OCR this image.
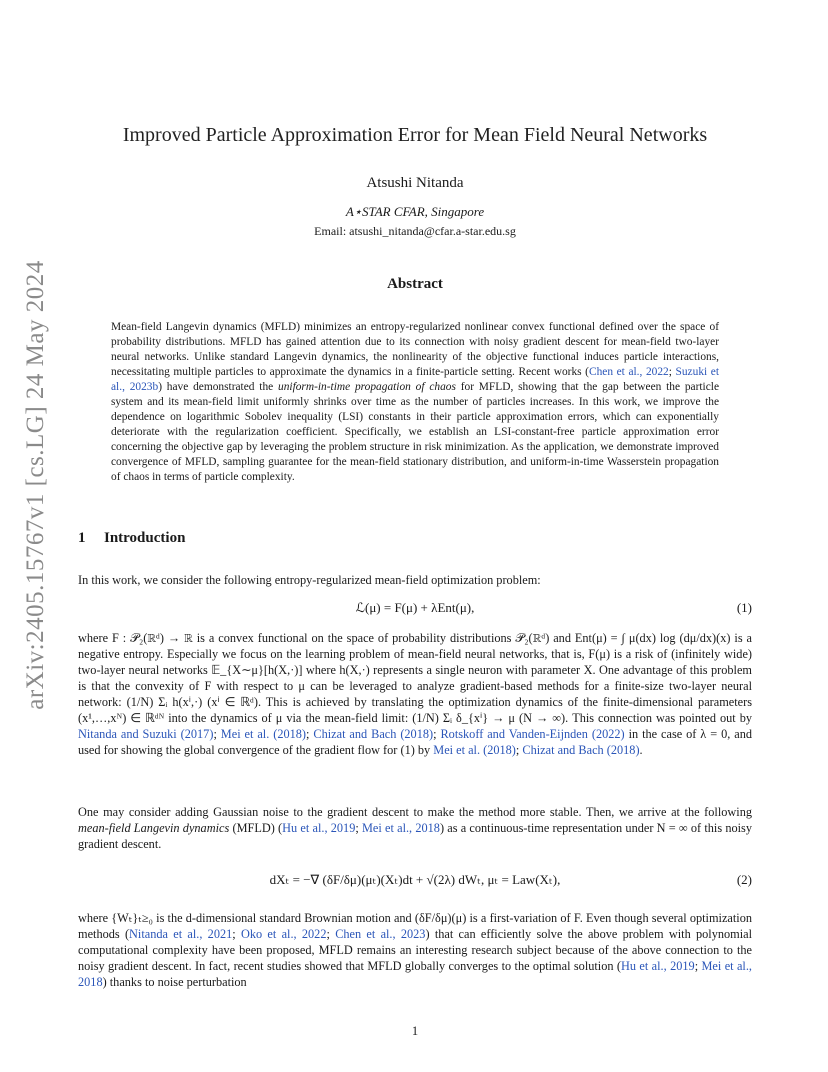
arXiv:2405.15767v1 [cs.LG] 24 May 2024
Improved Particle Approximation Error for Mean Field Neural Networks
Atsushi Nitanda
A⋆STAR CFAR, Singapore
Email: atsushi_nitanda@cfar.a-star.edu.sg
Abstract
Mean-field Langevin dynamics (MFLD) minimizes an entropy-regularized nonlinear convex functional defined over the space of probability distributions. MFLD has gained attention due to its connection with noisy gradient descent for mean-field two-layer neural networks. Unlike standard Langevin dynamics, the nonlinearity of the objective functional induces particle interactions, necessitating multiple particles to approximate the dynamics in a finite-particle setting. Recent works (Chen et al., 2022; Suzuki et al., 2023b) have demonstrated the uniform-in-time propagation of chaos for MFLD, showing that the gap between the particle system and its mean-field limit uniformly shrinks over time as the number of particles increases. In this work, we improve the dependence on logarithmic Sobolev inequality (LSI) constants in their particle approximation errors, which can exponentially deteriorate with the regularization coefficient. Specifically, we establish an LSI-constant-free particle approximation error concerning the objective gap by leveraging the problem structure in risk minimization. As the application, we demonstrate improved convergence of MFLD, sampling guarantee for the mean-field stationary distribution, and uniform-in-time Wasserstein propagation of chaos in terms of particle complexity.
1 Introduction
In this work, we consider the following entropy-regularized mean-field optimization problem:
ℒ(μ) = F(μ) + λEnt(μ),	(1)
where F : 𝒫₂(ℝᵈ) → ℝ is a convex functional on the space of probability distributions 𝒫₂(ℝᵈ) and Ent(μ) = ∫ μ(dx) log (dμ/dx)(x) is a negative entropy. Especially we focus on the learning problem of mean-field neural networks, that is, F(μ) is a risk of (infinitely wide) two-layer neural networks 𝔼_{X∼μ}[h(X,·)] where h(X,·) represents a single neuron with parameter X. One advantage of this problem is that the convexity of F with respect to μ can be leveraged to analyze gradient-based methods for a finite-size two-layer neural network: (1/N) Σᵢ h(xⁱ,·) (xⁱ ∈ ℝᵈ). This is achieved by translating the optimization dynamics of the finite-dimensional parameters (x¹,…,xᴺ) ∈ ℝᵈᴺ into the dynamics of μ via the mean-field limit: (1/N) Σᵢ δ_{xⁱ} → μ (N → ∞). This connection was pointed out by Nitanda and Suzuki (2017); Mei et al. (2018); Chizat and Bach (2018); Rotskoff and Vanden-Eijnden (2022) in the case of λ = 0, and used for showing the global convergence of the gradient flow for (1) by Mei et al. (2018); Chizat and Bach (2018).
One may consider adding Gaussian noise to the gradient descent to make the method more stable. Then, we arrive at the following mean-field Langevin dynamics (MFLD) (Hu et al., 2019; Mei et al., 2018) as a continuous-time representation under N = ∞ of this noisy gradient descent.
dXₜ = −∇ (δF/δμ)(μₜ)(Xₜ)dt + √(2λ) dWₜ, μₜ = Law(Xₜ),	(2)
where {Wₜ}ₜ≥₀ is the d-dimensional standard Brownian motion and (δF/δμ)(μ) is a first-variation of F. Even though several optimization methods (Nitanda et al., 2021; Oko et al., 2022; Chen et al., 2023) that can efficiently solve the above problem with polynomial computational complexity have been proposed, MFLD remains an interesting research subject because of the above connection to the noisy gradient descent. In fact, recent studies showed that MFLD globally converges to the optimal solution (Hu et al., 2019; Mei et al., 2018) thanks to noise perturbation
1
